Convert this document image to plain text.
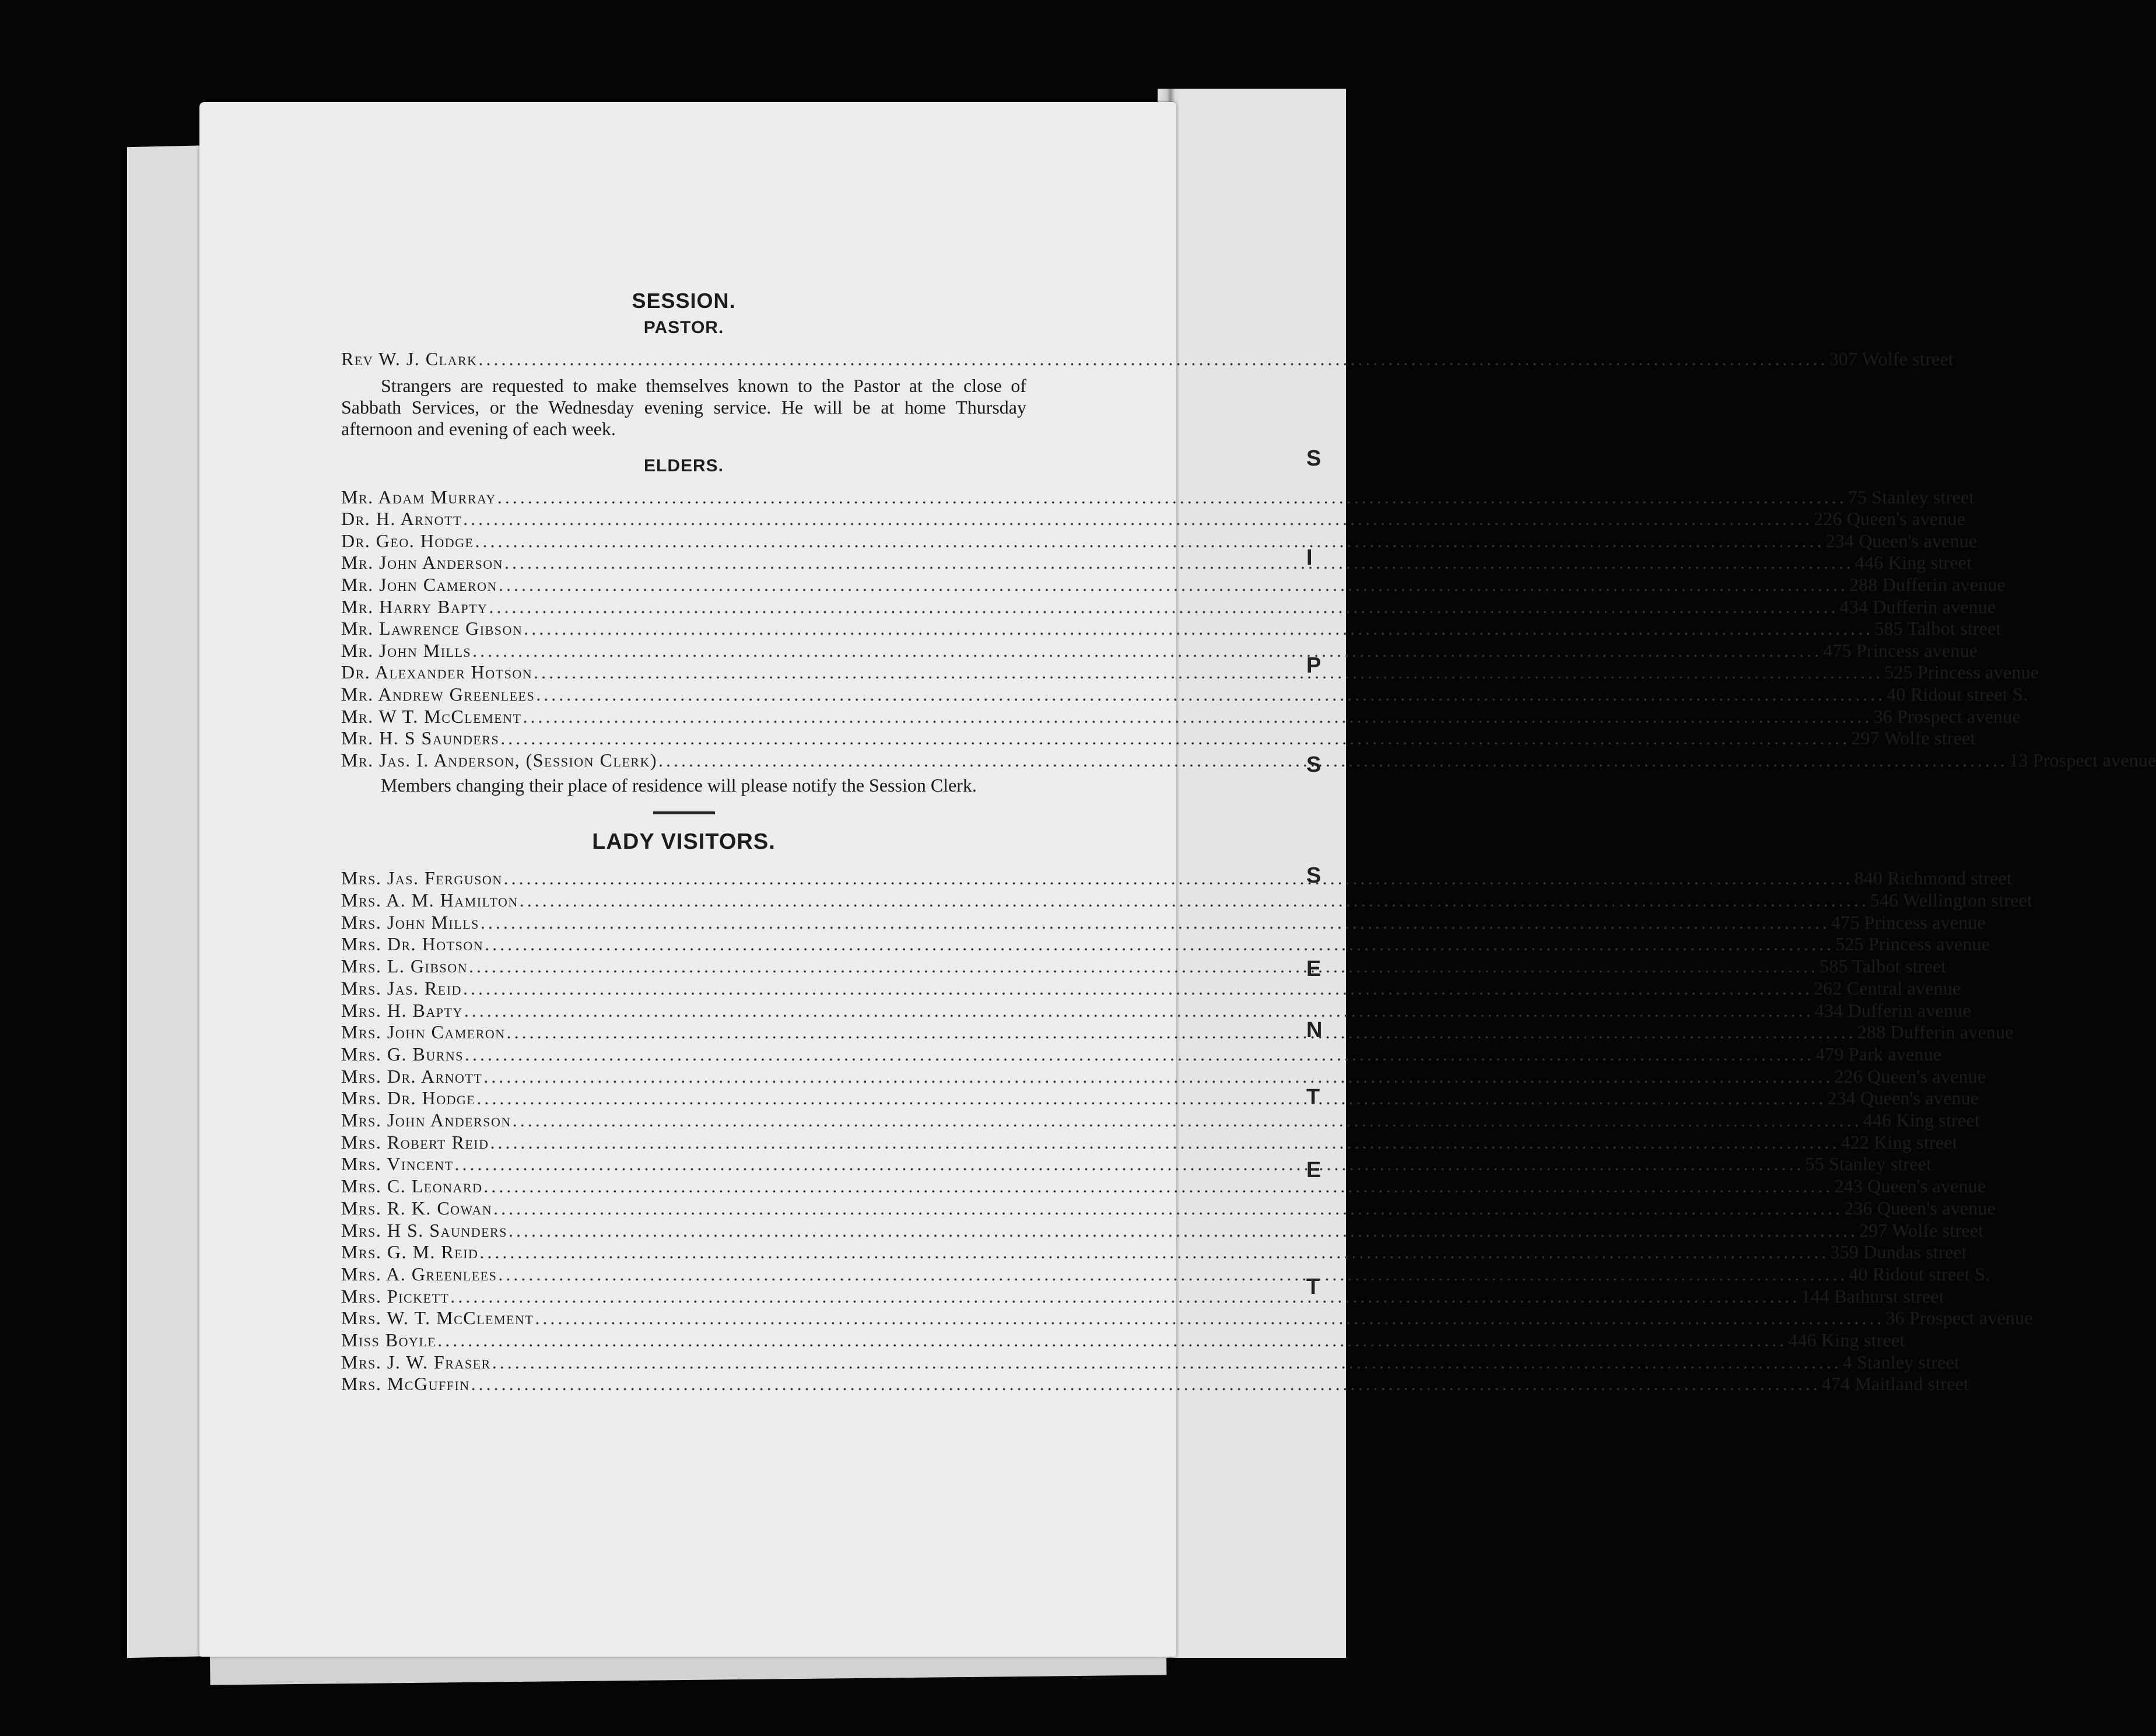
S
I
P
S
S
E
N
T
E
T
SESSION.
PASTOR.
Rev W. J. Clark .....	307 Wolfe street

Strangers are requested to make themselves known to the Pastor at the close of Sabbath Services, or the Wednesday evening service. He will be at home Thursday afternoon and evening of each week.

ELDERS.
Mr. Adam Murray .....	75 Stanley street
Dr. H. Arnott .....	226 Queen's avenue
Dr. Geo. Hodge .....	234 Queen's avenue
Mr. John Anderson .....	446 King street
Mr. John Cameron .....	288 Dufferin avenue
Mr. Harry Bapty .....	434 Dufferin avenue
Mr. Lawrence Gibson .....	585 Talbot street
Mr. John Mills .....	475 Princess avenue
Dr. Alexander Hotson .....	525 Princess avenue
Mr. Andrew Greenlees .....	40 Ridout street S.
Mr. W T. McClement .....	36 Prospect avenue
Mr. H. S Saunders .....	297 Wolfe street
Mr. Jas. I. Anderson, (Session Clerk) .....	13 Prospect avenue

Members changing their place of residence will please notify the Session Clerk.

LADY VISITORS.
Mrs. Jas. Ferguson .....	840 Richmond street
Mrs. A. M. Hamilton .....	546 Wellington street
Mrs. John Mills .....	475 Princess avenue
Mrs. Dr. Hotson .....	525 Princess avenue
Mrs. L. Gibson .....	585 Talbot street
Mrs. Jas. Reid .....	262 Central avenue
Mrs. H. Bapty .....	434 Dufferin avenue
Mrs. John Cameron .....	288 Dufferin avenue
Mrs. G. Burns .....	479 Park avenue
Mrs. Dr. Arnott .....	226 Queen's avenue
Mrs. Dr. Hodge .....	234 Queen's avenue
Mrs. John Anderson .....	446 King street
Mrs. Robert Reid .....	422 King street
Mrs. Vincent .....	55 Stanley street
Mrs. C. Leonard .....	243 Queen's avenue
Mrs. R. K. Cowan .....	236 Queen's avenue
Mrs. H S. Saunders .....	297 Wolfe street
Mrs. G. M. Reid .....	359 Dundas street
Mrs. A. Greenlees .....	40 Ridout street S.
Mrs. Pickett .....	144 Bathurst street
Mrs. W. T. McClement .....	36 Prospect avenue
Miss Boyle .....	446 King street
Mrs. J. W. Fraser .....	4 Stanley street
Mrs. McGuffin .....	474 Maitland street
